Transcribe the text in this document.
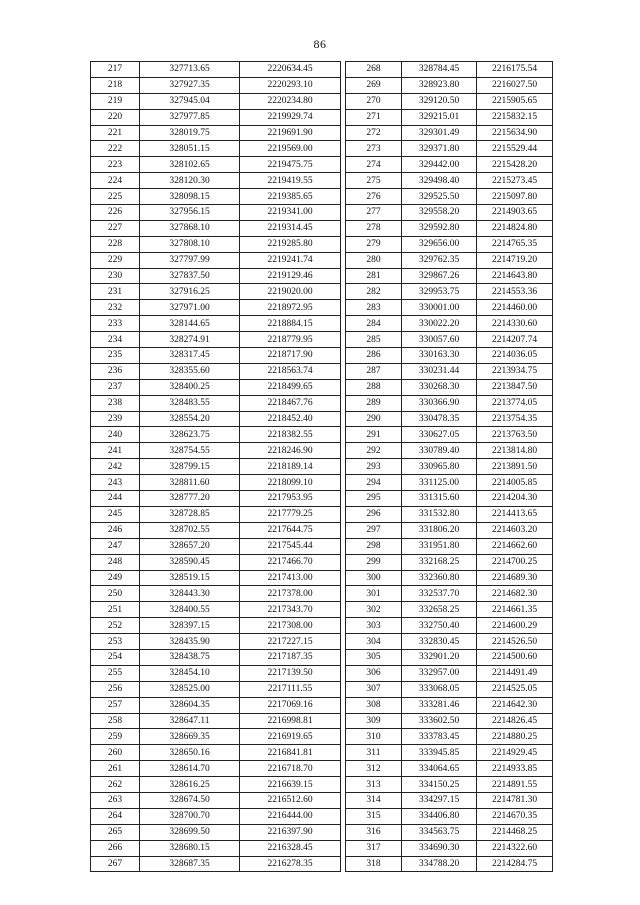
86
217	327713.65	2220634.45
218	327927.35	2220293.10
219	327945.04	2220234.80
220	327977.85	2219929.74
221	328019.75	2219691.90
222	328051.15	2219569.00
223	328102.65	2219475.75
224	328120.30	2219419.55
225	328098.15	2219385.65
226	327956.15	2219341.00
227	327868.10	2219314.45
228	327808.10	2219285.80
229	327797.99	2219241.74
230	327837.50	2219129.46
231	327916.25	2219020.00
232	327971.00	2218972.95
233	328144.65	2218884.15
234	328274.91	2218779.95
235	328317.45	2218717.90
236	328355.60	2218563.74
237	328400.25	2218499.65
238	328483.55	2218467.76
239	328554.20	2218452.40
240	328623.75	2218382.55
241	328754.55	2218246.90
242	328799.15	2218189.14
243	328811.60	2218099.10
244	328777.20	2217953.95
245	328728.85	2217779.25
246	328702.55	2217644.75
247	328657.20	2217545.44
248	328590.45	2217466.70
249	328519.15	2217413.00
250	328443.30	2217378.00
251	328400.55	2217343.70
252	328397.15	2217308.00
253	328435.90	2217227.15
254	328438.75	2217187.35
255	328454.10	2217139.50
256	328525.00	2217111.55
257	328604.35	2217069.16
258	328647.11	2216998.81
259	328669.35	2216919.65
260	328650.16	2216841.81
261	328614.70	2216718.70
262	328616.25	2216639.15
263	328674.50	2216512.60
264	328700.70	2216444.00
265	328699.50	2216397.90
266	328680.15	2216328.45
267	328687.35	2216278.35
268	328784.45	2216175.54
269	328923.80	2216027.50
270	329120.50	2215905.65
271	329215.01	2215832.15
272	329301.49	2215634.90
273	329371.80	2215529.44
274	329442.00	2215428.20
275	329498.40	2215273.45
276	329525.50	2215097.80
277	329558.20	2214903.65
278	329592.80	2214824.80
279	329656.00	2214765.35
280	329762.35	2214719.20
281	329867.26	2214643.80
282	329953.75	2214553.36
283	330001.00	2214460.00
284	330022.20	2214330.60
285	330057.60	2214207.74
286	330163.30	2214036.05
287	330231.44	2213934.75
288	330268.30	2213847.50
289	330366.90	2213774.05
290	330478.35	2213754.35
291	330627.05	2213763.50
292	330789.40	2213814.80
293	330965.80	2213891.50
294	331125.00	2214005.85
295	331315.60	2214204.30
296	331532.80	2214413.65
297	331806.20	2214603.20
298	331951.80	2214662.60
299	332168.25	2214700.25
300	332360.80	2214689.30
301	332537.70	2214682.30
302	332658.25	2214661.35
303	332750.40	2214600.29
304	332830.45	2214526.50
305	332901.20	2214500.60
306	332957.00	2214491.49
307	333068.05	2214525.05
308	333281.46	2214642.30
309	333602.50	2214826.45
310	333783.45	2214880.25
311	333945.85	2214929.45
312	334064.65	2214933.85
313	334150.25	2214891.55
314	334297.15	2214781.30
315	334406.80	2214670.35
316	334563.75	2214468.25
317	334690.30	2214322.60
318	334788.20	2214284.75
